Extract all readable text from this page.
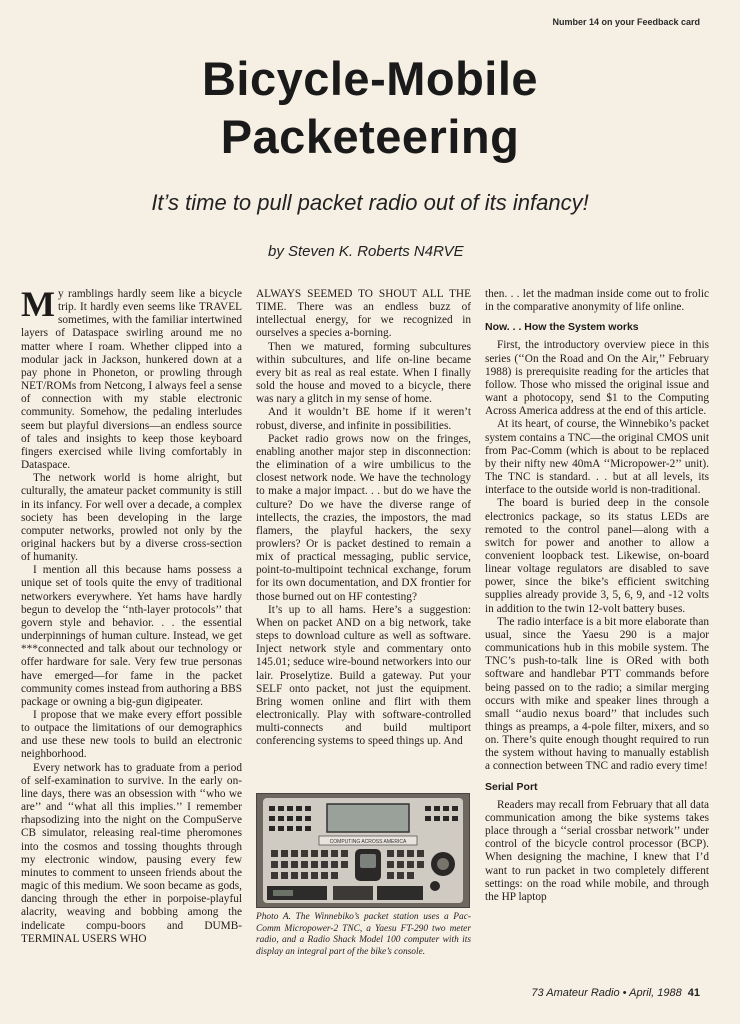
Number 14 on your Feedback card
Bicycle-Mobile
Packeteering
It’s time to pull packet radio out of its infancy!
by Steven K. Roberts N4RVE

My ramblings hardly seem like a bicycle trip. It hardly even seems like TRAVEL sometimes, with the familiar intertwined layers of Dataspace swirling around me no matter where I roam. Whether clipped into a modular jack in Jackson, hunkered down at a pay phone in Phoneton, or prowling through NET/ROMs from Netcong, I always feel a sense of connection with my stable electronic community. Somehow, the pedaling interludes seem but playful diversions—an endless source of tales and insights to keep those keyboard fingers exercised while living comfortably in Dataspace.

The network world is home alright, but culturally, the amateur packet community is still in its infancy. For well over a decade, a complex society has been developing in the large computer networks, prowled not only by the original hackers but by a diverse cross-section of humanity.

I mention all this because hams possess a unique set of tools quite the envy of traditional networkers everywhere. Yet hams have hardly begun to develop the ‘‘nth-layer protocols’’ that govern style and behavior. . . the essential underpinnings of human culture. Instead, we get ***connected and talk about our technology or offer hardware for sale. Very few true personas have emerged—for fame in the packet community comes instead from authoring a BBS package or owning a big-gun digipeater.

I propose that we make every effort possible to outpace the limitations of our demographics and use these new tools to build an electronic neighborhood.

Every network has to graduate from a period of self-examination to survive. In the early on-line days, there was an obsession with ‘‘who we are’’ and ‘‘what all this implies.’’ I remember rhapsodizing into the night on the CompuServe CB simulator, releasing real-time pheromones into the cosmos and tossing thoughts through my electronic window, pausing every few minutes to comment to unseen friends about the magic of this medium. We soon became as gods, dancing through the ether in porpoise-playful alacrity, weaving and bobbing among the indelicate compu-boors and DUMB-TERMINAL USERS WHO

ALWAYS SEEMED TO SHOUT ALL THE TIME. There was an endless buzz of intellectual energy, for we recognized in ourselves a species a-borning.

Then we matured, forming subcultures within subcultures, and life on-line became every bit as real as real estate. When I finally sold the house and moved to a bicycle, there was nary a glitch in my sense of home.

And it wouldn’t BE home if it weren’t robust, diverse, and infinite in possibilities.

Packet radio grows now on the fringes, enabling another major step in disconnection: the elimination of a wire umbilicus to the closest network node. We have the technology to make a major impact. . . but do we have the culture? Do we have the diverse range of intellects, the crazies, the impostors, the mad flamers, the playful hackers, the sexy prowlers? Or is packet destined to remain a mix of practical messaging, public service, point-to-multipoint technical exchange, forum for its own documentation, and DX frontier for those burned out on HF contesting?

It’s up to all hams. Here’s a suggestion: When on packet AND on a big network, take steps to download culture as well as software. Inject network style and commentary onto 145.01; seduce wire-bound networkers into our lair. Proselytize. Build a gateway. Put your SELF onto packet, not just the equipment. Bring women online and flirt with them electronically. Play with software-controlled multi-connects and build multiport conferencing systems to speed things up. And

COMPUTING ACROSS AMERICA
Photo A. The Winnebiko’s packet station uses a Pac-Comm Micropower-2 TNC, a Yaesu FT-290 two meter radio, and a Radio Shack Model 100 computer with its display an integral part of the bike’s console.

then. . . let the madman inside come out to frolic in the comparative anonymity of life online.

Now. . . How the System works

First, the introductory overview piece in this series (‘‘On the Road and On the Air,’’ February 1988) is prerequisite reading for the articles that follow. Those who missed the original issue and want a photocopy, send $1 to the Computing Across America address at the end of this article.

At its heart, of course, the Winnebiko’s packet system contains a TNC—the original CMOS unit from Pac-Comm (which is about to be replaced by their nifty new 40mA ‘‘Micropower-2’’ unit). The TNC is standard. . . but at all levels, its interface to the outside world is non-traditional.

The board is buried deep in the console electronics package, so its status LEDs are remoted to the control panel—along with a switch for power and another to allow a convenient loopback test. Likewise, on-board linear voltage regulators are disabled to save power, since the bike’s efficient switching supplies already provide 3, 5, 6, 9, and -12 volts in addition to the twin 12-volt battery buses.

The radio interface is a bit more elaborate than usual, since the Yaesu 290 is a major communications hub in this mobile system. The TNC’s push-to-talk line is ORed with both software and handlebar PTT commands before being passed on to the radio; a similar merging occurs with mike and speaker lines through a small ‘‘audio nexus board’’ that includes such things as preamps, a 4-pole filter, mixers, and so on. There’s quite enough thought required to run the system without having to manually establish a connection between TNC and radio every time!

Serial Port

Readers may recall from February that all data communication among the bike systems takes place through a ‘‘serial crossbar network’’ under control of the bicycle control processor (BCP). When designing the machine, I knew that I’d want to run packet in two completely different settings: on the road while mobile, and through the HP laptop

73 Amateur Radio • April, 1988 41
